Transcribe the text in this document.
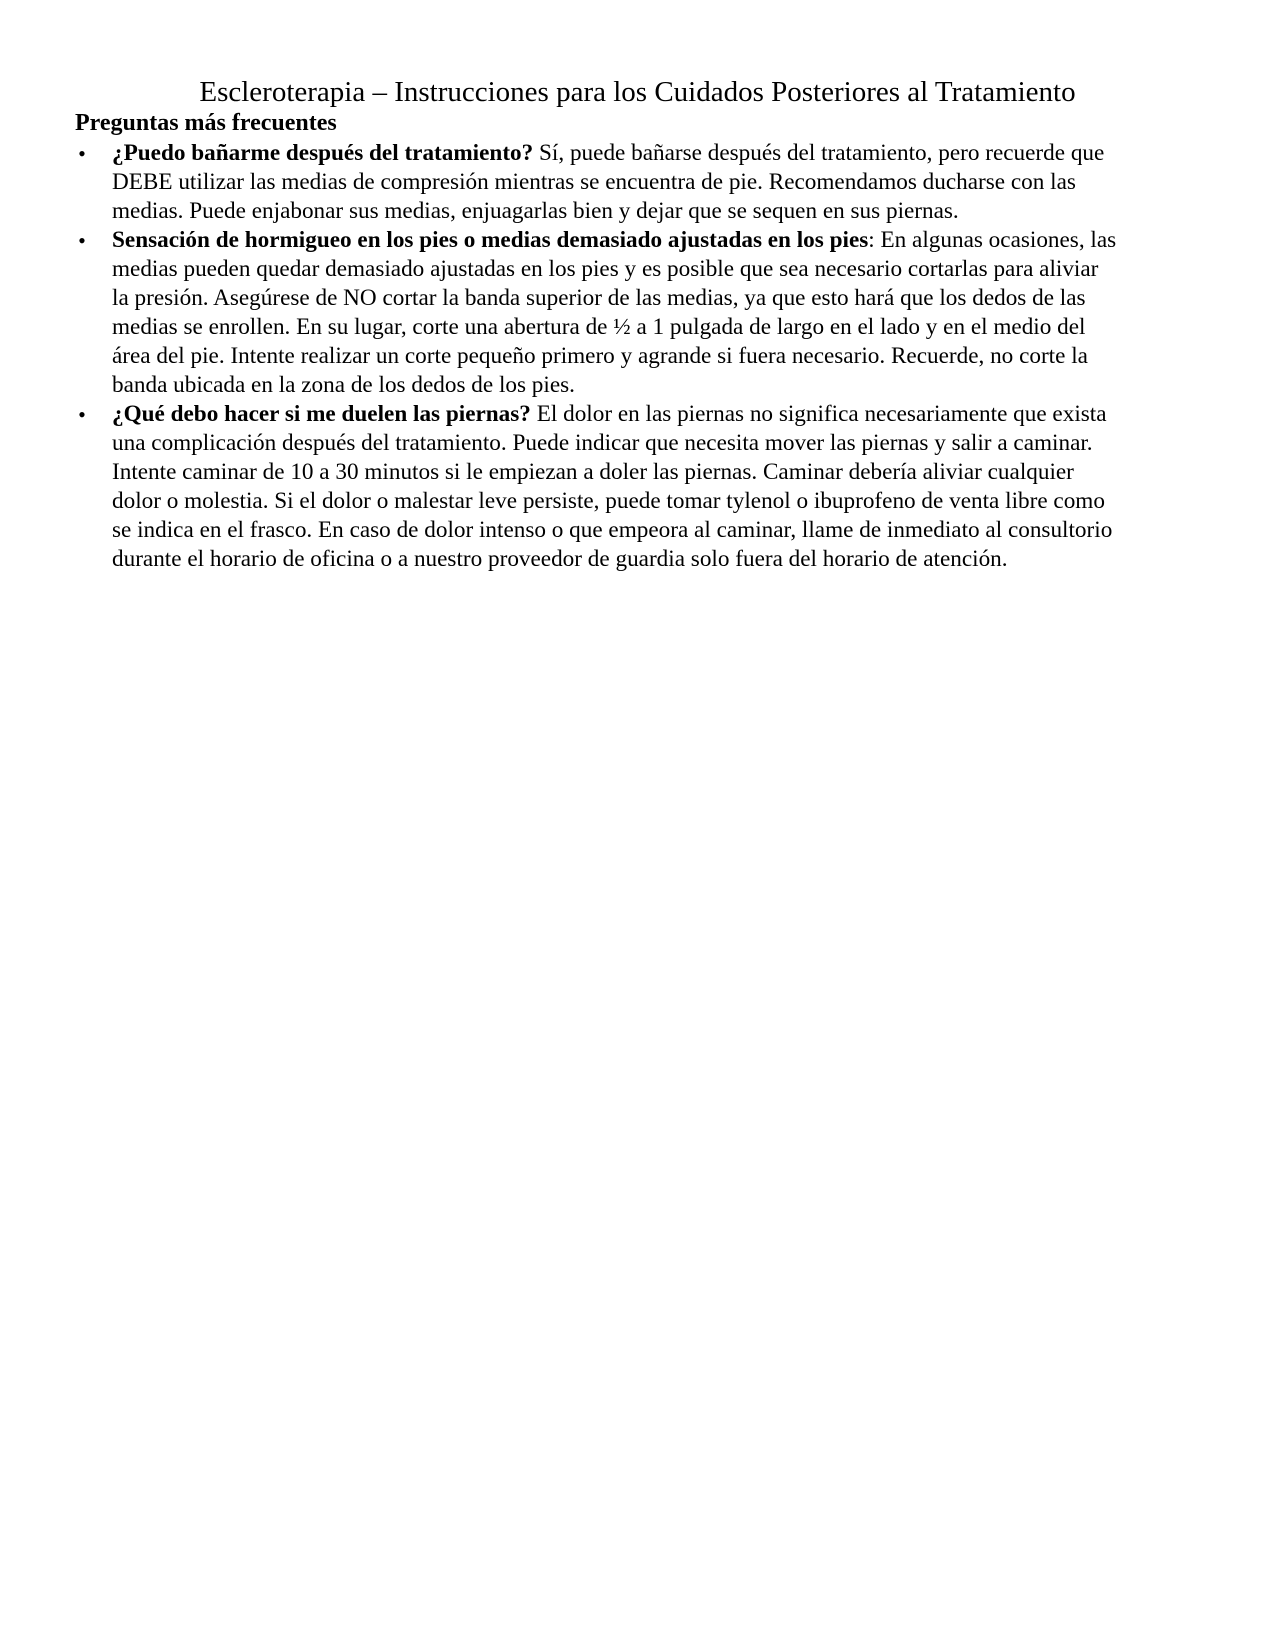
Escleroterapia – Instrucciones para los Cuidados Posteriores al Tratamiento
Preguntas más frecuentes
• ¿Puedo bañarme después del tratamiento? Sí, puede bañarse después del tratamiento, pero recuerde que
DEBE utilizar las medias de compresión mientras se encuentra de pie. Recomendamos ducharse con las
medias. Puede enjabonar sus medias, enjuagarlas bien y dejar que se sequen en sus piernas.
• Sensación de hormigueo en los pies o medias demasiado ajustadas en los pies: En algunas ocasiones, las
medias pueden quedar demasiado ajustadas en los pies y es posible que sea necesario cortarlas para aliviar
la presión. Asegúrese de NO cortar la banda superior de las medias, ya que esto hará que los dedos de las
medias se enrollen. En su lugar, corte una abertura de ½ a 1 pulgada de largo en el lado y en el medio del
área del pie. Intente realizar un corte pequeño primero y agrande si fuera necesario. Recuerde, no corte la
banda ubicada en la zona de los dedos de los pies.
• ¿Qué debo hacer si me duelen las piernas? El dolor en las piernas no significa necesariamente que exista
una complicación después del tratamiento. Puede indicar que necesita mover las piernas y salir a caminar.
Intente caminar de 10 a 30 minutos si le empiezan a doler las piernas. Caminar debería aliviar cualquier
dolor o molestia. Si el dolor o malestar leve persiste, puede tomar tylenol o ibuprofeno de venta libre como
se indica en el frasco. En caso de dolor intenso o que empeora al caminar, llame de inmediato al consultorio
durante el horario de oficina o a nuestro proveedor de guardia solo fuera del horario de atención.
